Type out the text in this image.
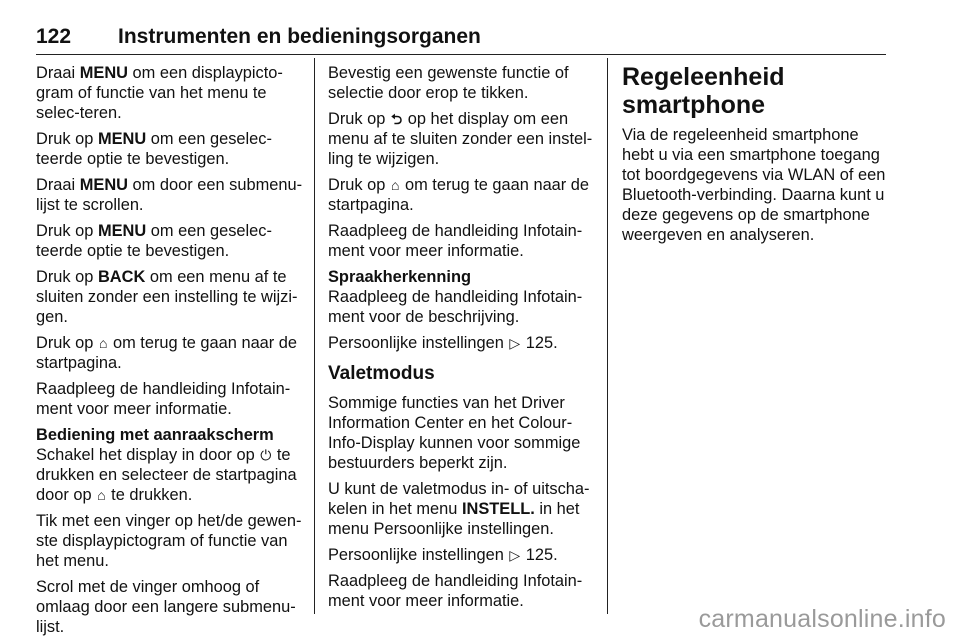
122 Instrumenten en bedieningsorganen

Draai MENU om een displaypicto-gram of functie van het menu te selec-teren.

Druk op MENU om een geselec-teerde optie te bevestigen.

Draai MENU om door een submenu-lijst te scrollen.

Druk op MENU om een geselec-teerde optie te bevestigen.

Druk op BACK om een menu af te sluiten zonder een instelling te wijzi-gen.

Druk op ⌂ om terug te gaan naar de startpagina.

Raadpleeg de handleiding Infotain-ment voor meer informatie.

Bediening met aanraakscherm

Schakel het display in door op ⏻ te drukken en selecteer de startpagina door op ⌂ te drukken.

Tik met een vinger op het/de gewen-ste displaypictogram of functie van het menu.

Scrol met de vinger omhoog of omlaag door een langere submenu-lijst.

Bevestig een gewenste functie of selectie door erop te tikken.

Druk op ⮌ op het display om een menu af te sluiten zonder een instel-ling te wijzigen.

Druk op ⌂ om terug te gaan naar de startpagina.

Raadpleeg de handleiding Infotain-ment voor meer informatie.

Spraakherkenning

Raadpleeg de handleiding Infotain-ment voor de beschrijving.

Persoonlijke instellingen ▷ 125.

Valetmodus

Sommige functies van het Driver Information Center en het Colour-Info-Display kunnen voor sommige bestuurders beperkt zijn.

U kunt de valetmodus in- of uitscha-kelen in het menu INSTELL. in het menu Persoonlijke instellingen.

Persoonlijke instellingen ▷ 125.

Raadpleeg de handleiding Infotain-ment voor meer informatie.

Regeleenheid smartphone

Via de regeleenheid smartphone hebt u via een smartphone toegang tot boordgegevens via WLAN of een Bluetooth-verbinding. Daarna kunt u deze gegevens op de smartphone weergeven en analyseren.

carmanualsonline.info
